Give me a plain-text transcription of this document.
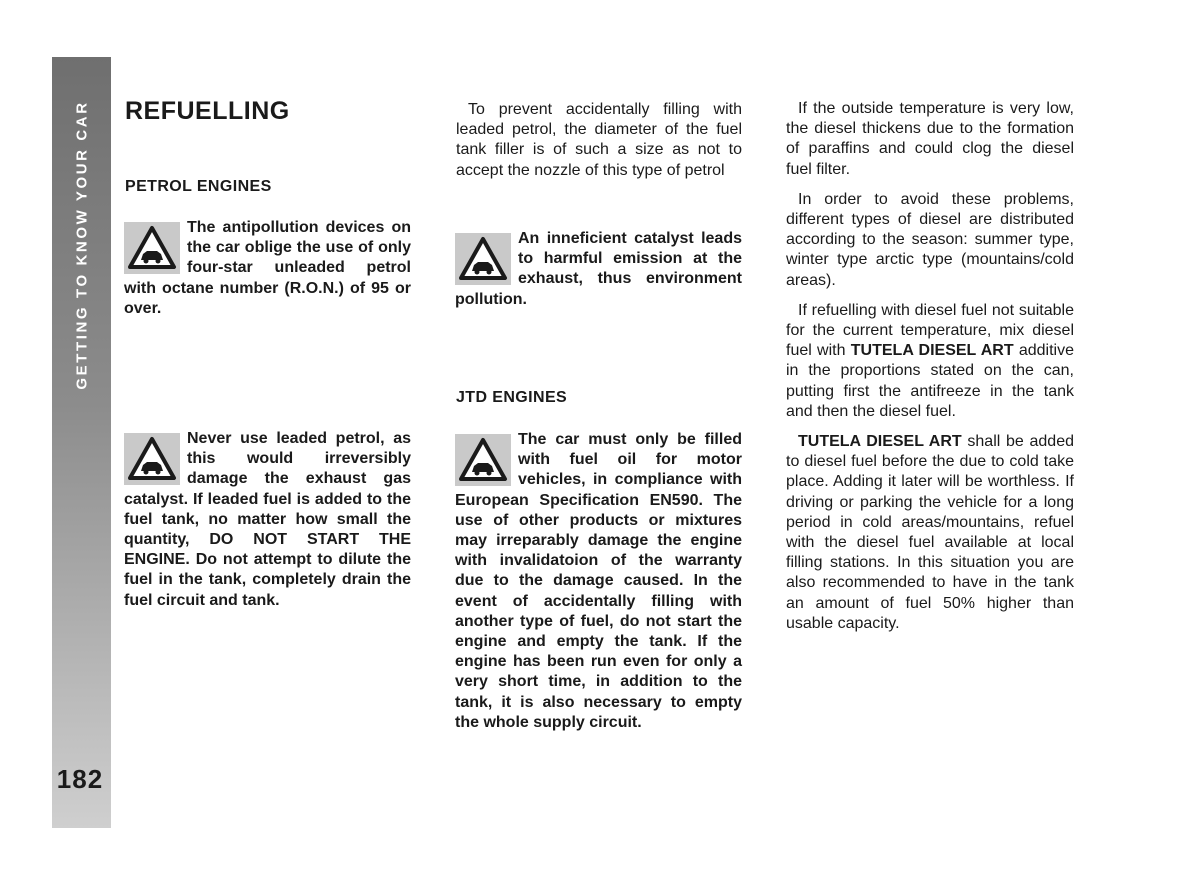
GETTING TO KNOW YOUR CAR
182
REFUELLING
PETROL ENGINES
The antipollution devices on the car oblige the use of only four-star unleaded petrol with octane number (R.O.N.) of 95 or over.
Never use leaded petrol, as this would irreversibly damage the exhaust gas catalyst. If leaded fuel is added to the fuel tank, no matter how small the quantity, DO NOT START THE ENGINE. Do not attempt to dilute the fuel in the tank, completely drain the fuel circuit and tank.

To prevent accidentally filling with leaded petrol, the diameter of the fuel tank filler is of such a size as not to accept the nozzle of this type of petrol

An inneficient catalyst leads to harmful emission at the exhaust, thus environment pollution.
JTD ENGINES
The car must only be filled with fuel oil for motor vehicles, in compliance with European Specification EN590. The use of other products or mixtures may irreparably damage the engine with invalidatoion of the warranty due to the damage caused. In the event of accidentally filling with another type of fuel, do not start the engine and empty the tank. If the engine has been run even for only a very short time, in addition to the tank, it is also necessary to empty the whole supply circuit.

If the outside temperature is very low, the diesel thickens due to the formation of paraffins and could clog the diesel fuel filter.

In order to avoid these problems, different types of diesel are distributed according to the season: summer type, winter type arctic type (mountains/cold areas).

If refuelling with diesel fuel not suitable for the current temperature, mix diesel fuel with TUTELA DIESEL ART additive in the proportions stated on the can, putting first the antifreeze in the tank and then the diesel fuel.

TUTELA DIESEL ART shall be added to diesel fuel before the due to cold take place. Adding it later will be worthless. If driving or parking the vehicle for a long period in cold areas/mountains, refuel with the diesel fuel available at local filling stations. In this situation you are also recommended to have in the tank an amount of fuel 50% higher than usable capacity.
